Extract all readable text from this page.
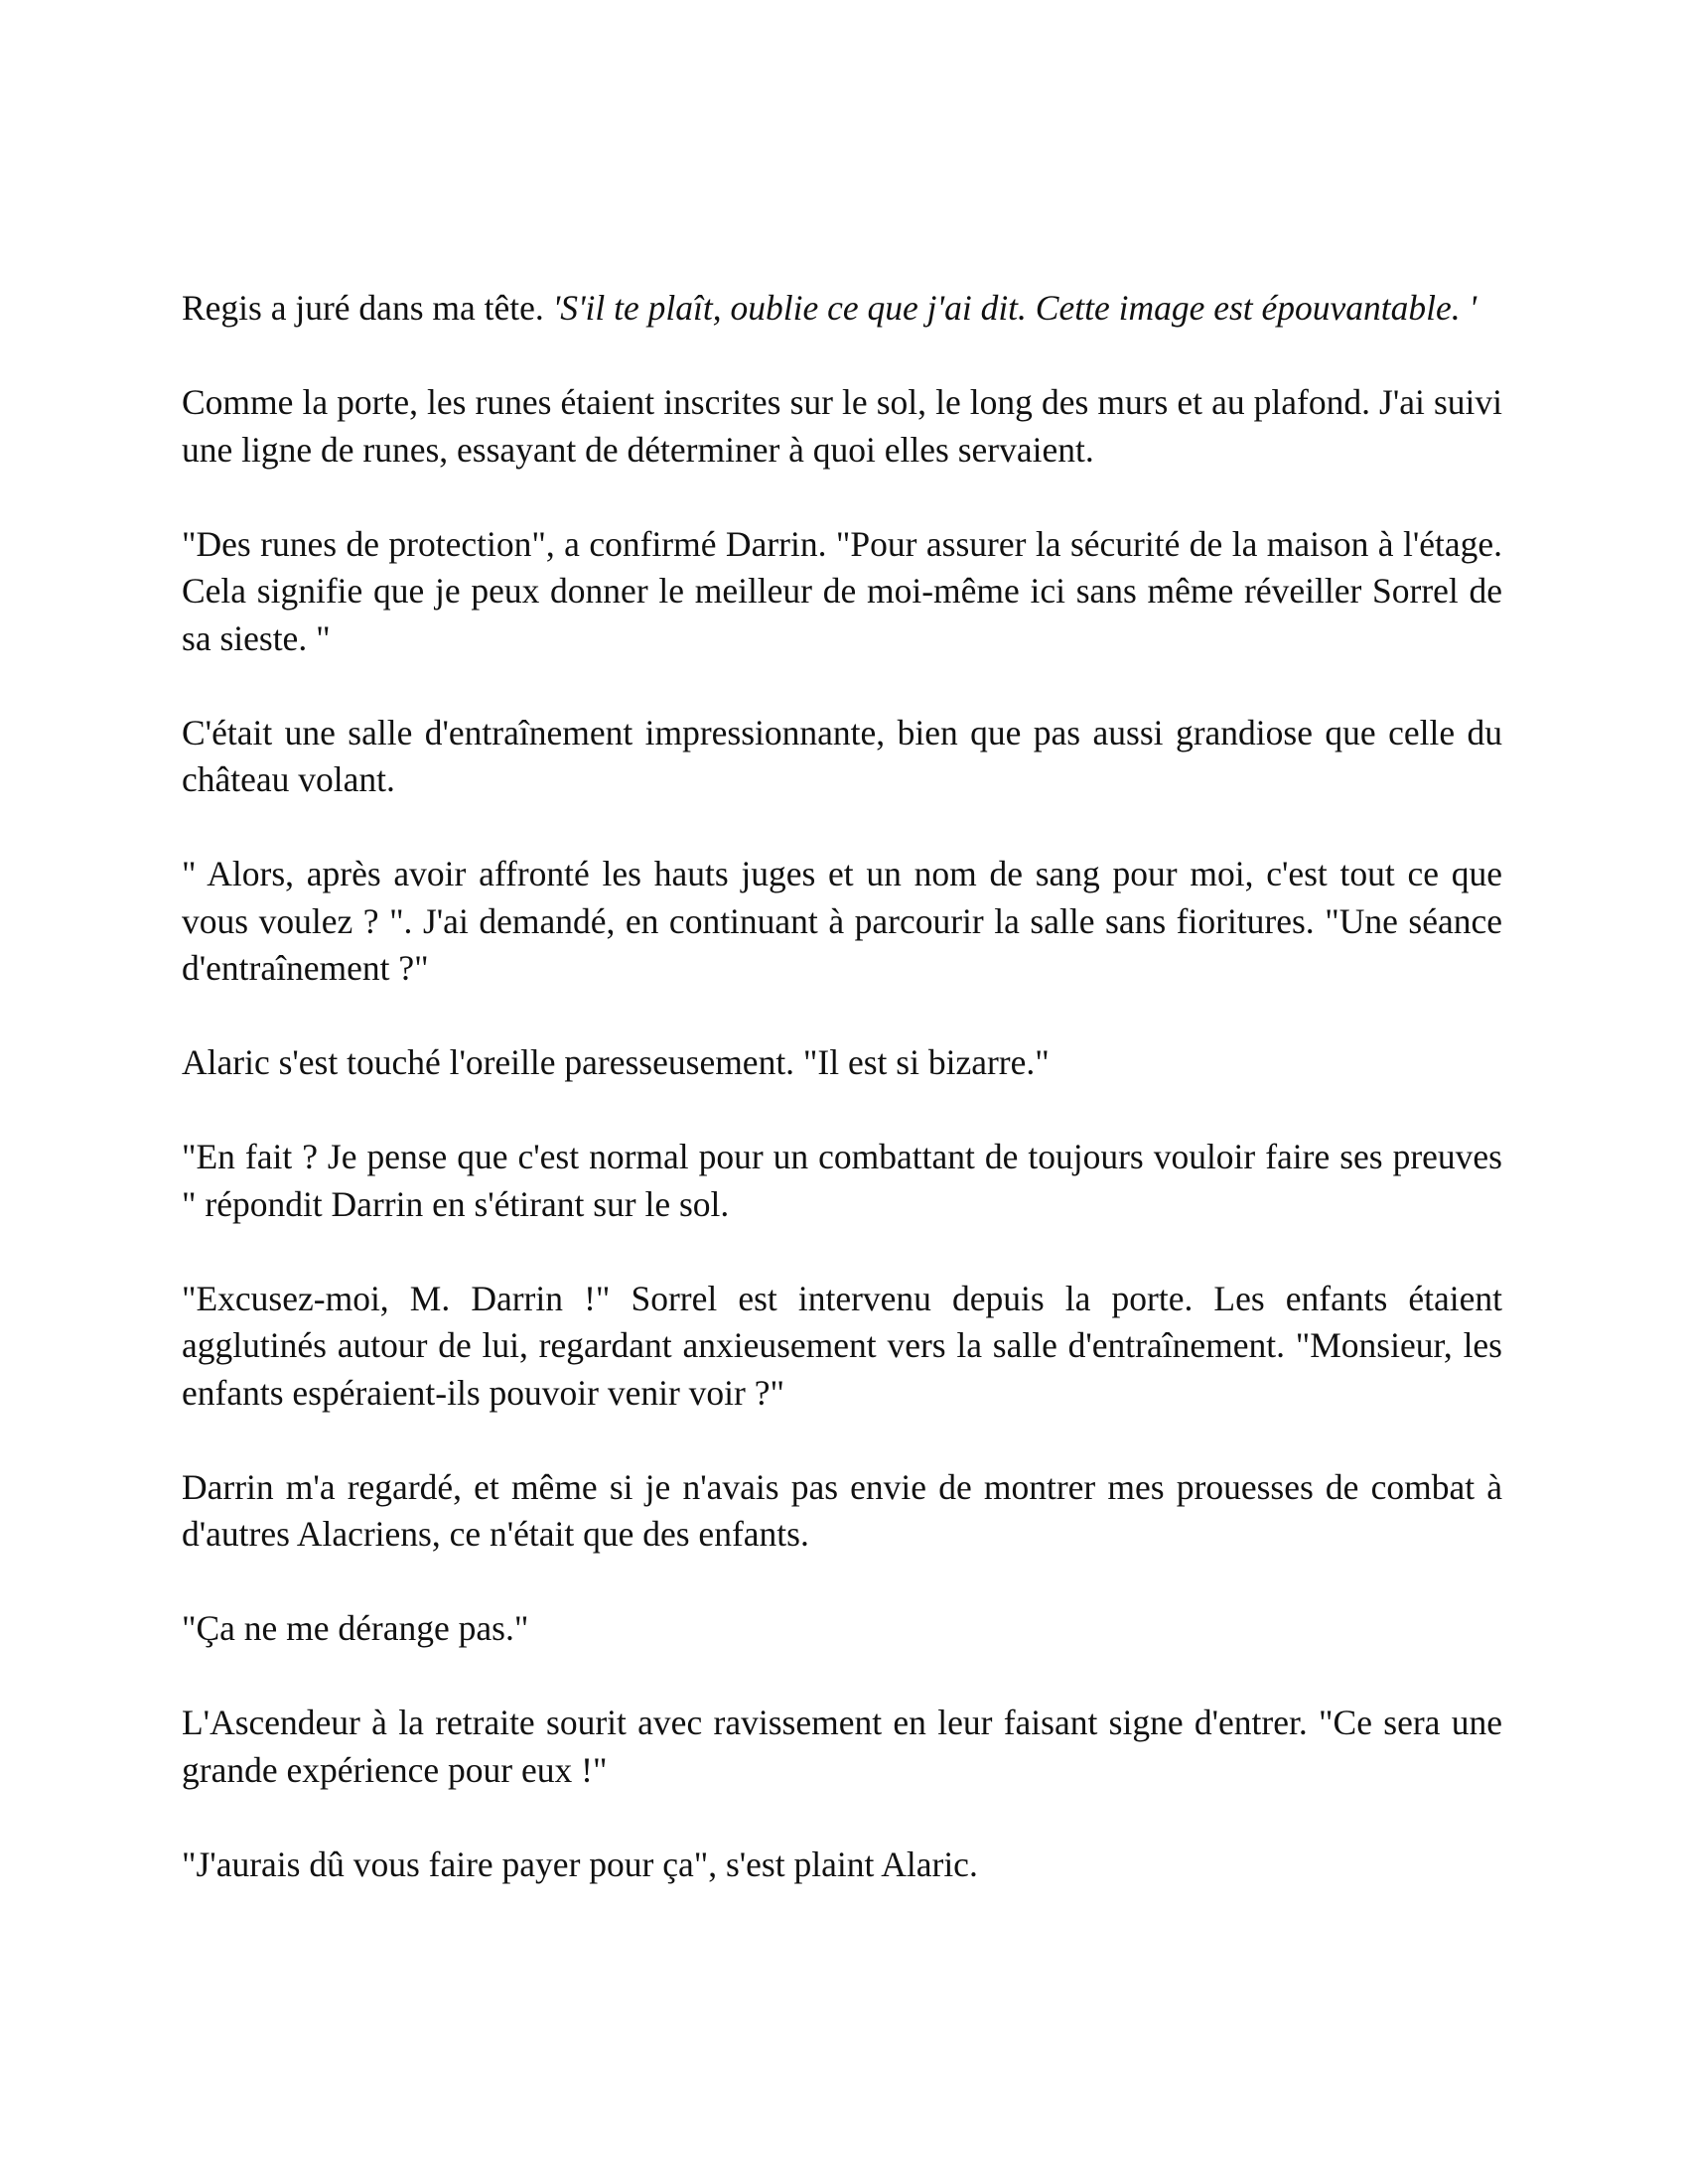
Regis a juré dans ma tête. 'S'il te plaît, oublie ce que j'ai dit. Cette image est épouvantable. '

Comme la porte, les runes étaient inscrites sur le sol, le long des murs et au plafond. J'ai suivi une ligne de runes, essayant de déterminer à quoi elles servaient.

"Des runes de protection", a confirmé Darrin. "Pour assurer la sécurité de la maison à l'étage. Cela signifie que je peux donner le meilleur de moi-même ici sans même réveiller Sorrel de sa sieste. "

C'était une salle d'entraînement impressionnante, bien que pas aussi grandiose que celle du château volant.

" Alors, après avoir affronté les hauts juges et un nom de sang pour moi, c'est tout ce que vous voulez ? ". J'ai demandé, en continuant à parcourir la salle sans fioritures. "Une séance d'entraînement ?"

Alaric s'est touché l'oreille paresseusement. "Il est si bizarre."

"En fait ? Je pense que c'est normal pour un combattant de toujours vouloir faire ses preuves " répondit Darrin en s'étirant sur le sol.

"Excusez-moi, M. Darrin !" Sorrel est intervenu depuis la porte. Les enfants étaient agglutinés autour de lui, regardant anxieusement vers la salle d'entraînement. "Monsieur, les enfants espéraient-ils pouvoir venir voir ?"

Darrin m'a regardé, et même si je n'avais pas envie de montrer mes prouesses de combat à d'autres Alacriens, ce n'était que des enfants.

"Ça ne me dérange pas."

L'Ascendeur à la retraite sourit avec ravissement en leur faisant signe d'entrer. "Ce sera une grande expérience pour eux !"

"J'aurais dû vous faire payer pour ça", s'est plaint Alaric.
